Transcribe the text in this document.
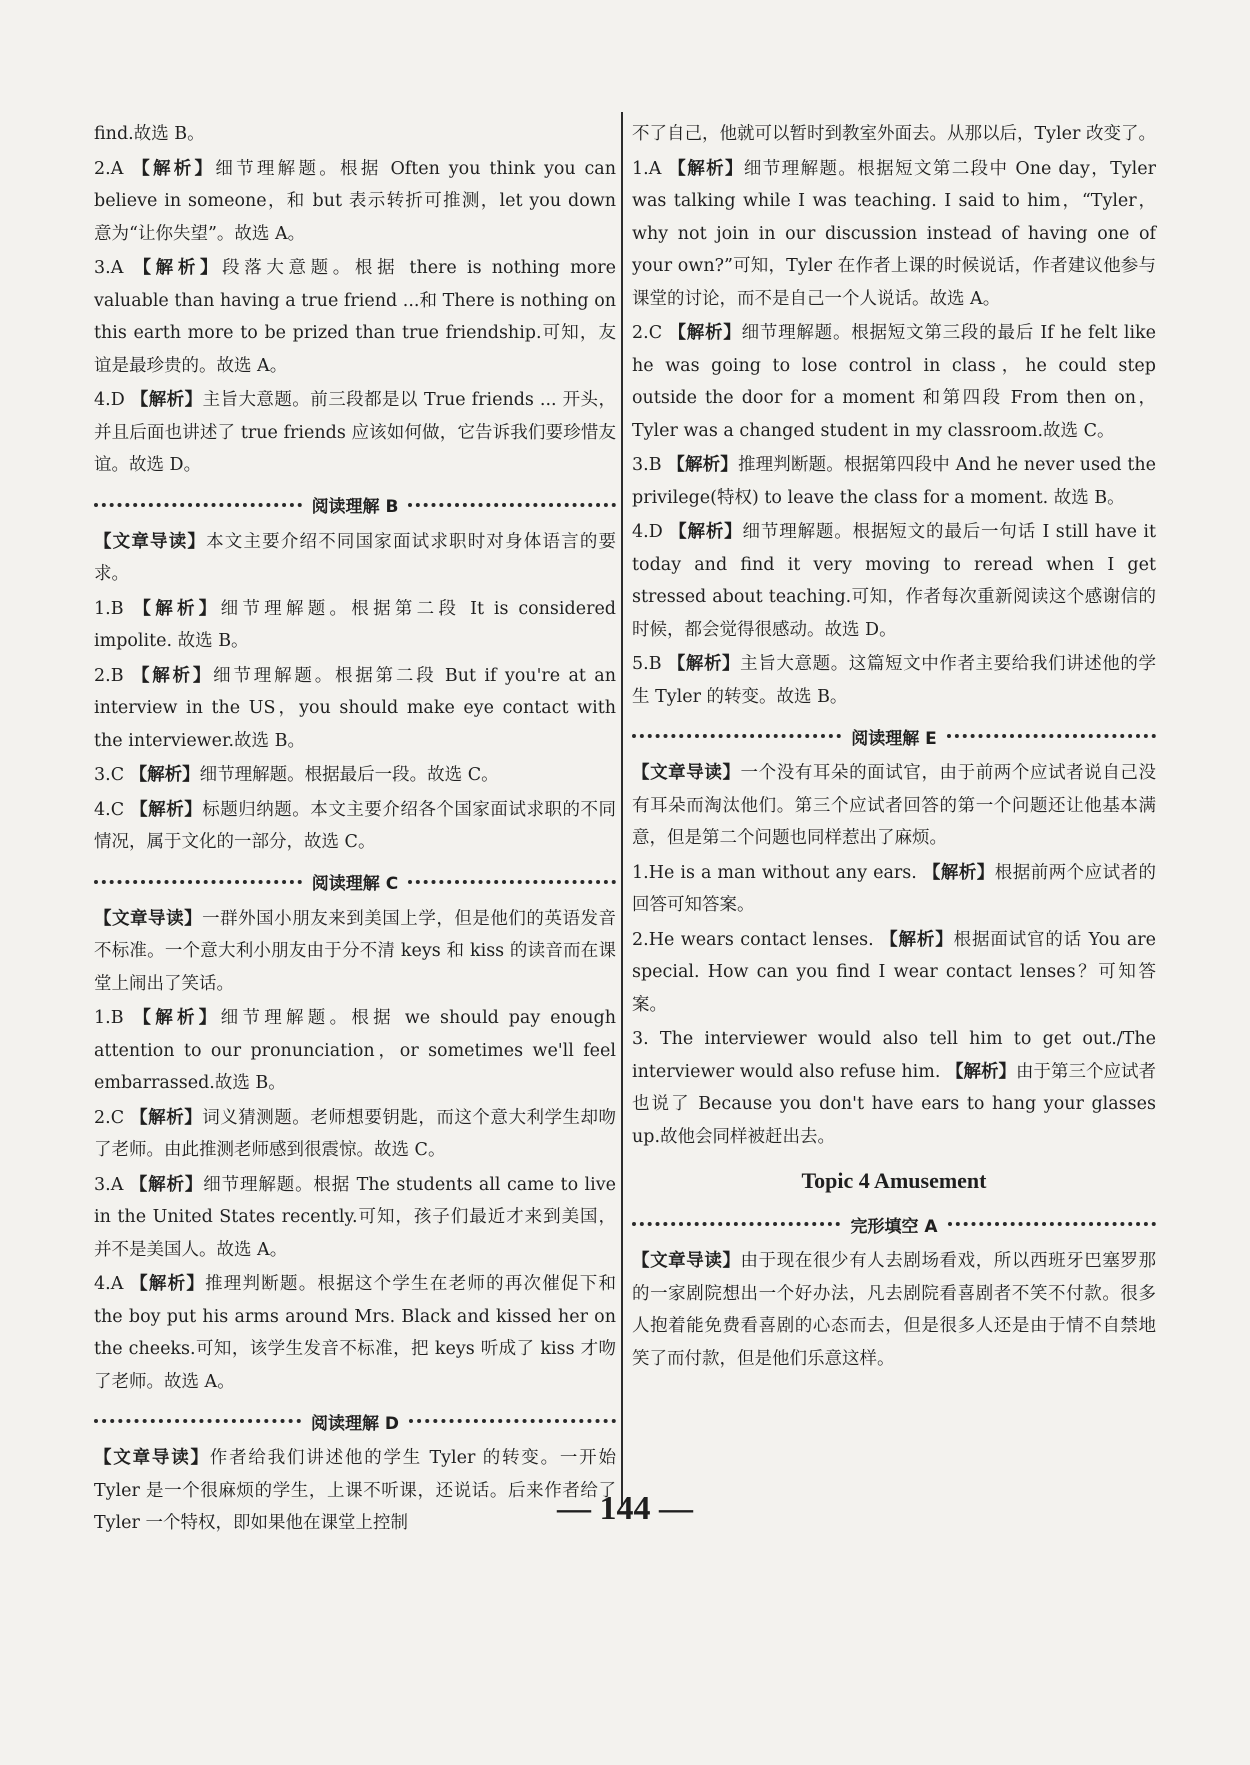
find.故选 B。

2.A 【解析】细节理解题。根据 Often you think you can believe in someone，和 but 表示转折可推测，let you down 意为“让你失望”。故选 A。

3.A 【解析】段落大意题。根据 there is nothing more valuable than having a true friend ...和 There is nothing on this earth more to be prized than true friendship.可知，友谊是最珍贵的。故选 A。

4.D 【解析】主旨大意题。前三段都是以 True friends ... 开头，并且后面也讲述了 true friends 应该如何做，它告诉我们要珍惜友谊。故选 D。

阅读理解 B

【文章导读】本文主要介绍不同国家面试求职时对身体语言的要求。

1.B 【解析】细节理解题。根据第二段 It is considered impolite. 故选 B。

2.B 【解析】细节理解题。根据第二段 But if you're at an interview in the US，you should make eye contact with the interviewer.故选 B。

3.C 【解析】细节理解题。根据最后一段。故选 C。

4.C 【解析】标题归纳题。本文主要介绍各个国家面试求职的不同情况，属于文化的一部分，故选 C。

阅读理解 C

【文章导读】一群外国小朋友来到美国上学，但是他们的英语发音不标准。一个意大利小朋友由于分不清 keys 和 kiss 的读音而在课堂上闹出了笑话。

1.B 【解析】细节理解题。根据 we should pay enough attention to our pronunciation，or sometimes we'll feel embarrassed.故选 B。

2.C 【解析】词义猜测题。老师想要钥匙，而这个意大利学生却吻了老师。由此推测老师感到很震惊。故选 C。

3.A 【解析】细节理解题。根据 The students all came to live in the United States recently.可知，孩子们最近才来到美国，并不是美国人。故选 A。

4.A 【解析】推理判断题。根据这个学生在老师的再次催促下和 the boy put his arms around Mrs. Black and kissed her on the cheeks.可知，该学生发音不标准，把 keys 听成了 kiss 才吻了老师。故选 A。

阅读理解 D

【文章导读】作者给我们讲述他的学生 Tyler 的转变。一开始 Tyler 是一个很麻烦的学生，上课不听课，还说话。后来作者给了 Tyler 一个特权，即如果他在课堂上控制

不了自己，他就可以暂时到教室外面去。从那以后，Tyler 改变了。

1.A 【解析】细节理解题。根据短文第二段中 One day，Tyler was talking while I was teaching. I said to him，“Tyler，why not join in our discussion instead of having one of your own?”可知，Tyler 在作者上课的时候说话，作者建议他参与课堂的讨论，而不是自己一个人说话。故选 A。

2.C 【解析】细节理解题。根据短文第三段的最后 If he felt like he was going to lose control in class，he could step outside the door for a moment 和第四段 From then on，Tyler was a changed student in my classroom.故选 C。

3.B 【解析】推理判断题。根据第四段中 And he never used the privilege(特权) to leave the class for a moment. 故选 B。

4.D 【解析】细节理解题。根据短文的最后一句话 I still have it today and find it very moving to reread when I get stressed about teaching.可知，作者每次重新阅读这个感谢信的时候，都会觉得很感动。故选 D。

5.B 【解析】主旨大意题。这篇短文中作者主要给我们讲述他的学生 Tyler 的转变。故选 B。

阅读理解 E

【文章导读】一个没有耳朵的面试官，由于前两个应试者说自己没有耳朵而淘汰他们。第三个应试者回答的第一个问题还让他基本满意，但是第二个问题也同样惹出了麻烦。

1.He is a man without any ears. 【解析】根据前两个应试者的回答可知答案。

2.He wears contact lenses. 【解析】根据面试官的话 You are special. How can you find I wear contact lenses？可知答案。

3. The interviewer would also tell him to get out./The interviewer would also refuse him. 【解析】由于第三个应试者也说了 Because you don't have ears to hang your glasses up.故他会同样被赶出去。

Topic 4 Amusement
完形填空 A

【文章导读】由于现在很少有人去剧场看戏，所以西班牙巴塞罗那的一家剧院想出一个好办法，凡去剧院看喜剧者不笑不付款。很多人抱着能免费看喜剧的心态而去，但是很多人还是由于情不自禁地笑了而付款，但是他们乐意这样。

— 144 —
